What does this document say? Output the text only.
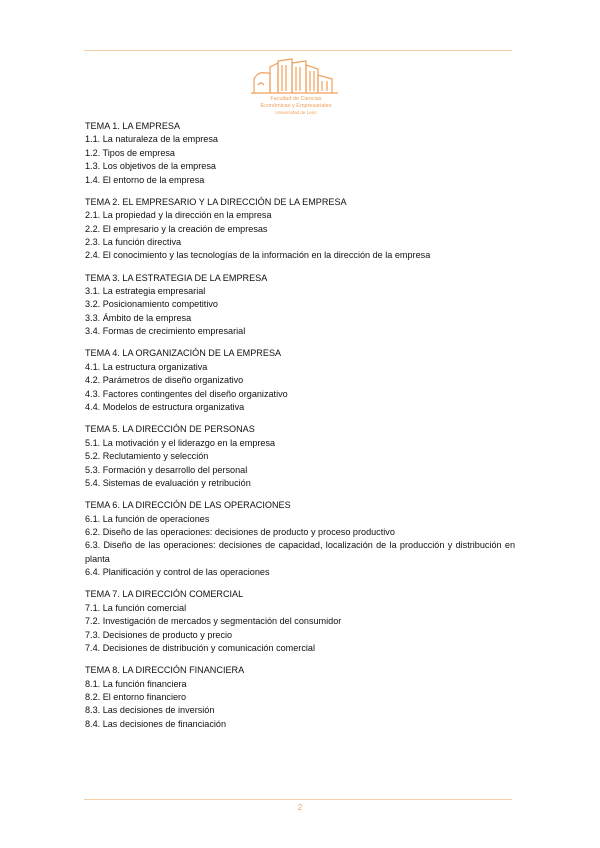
Facultad de Ciencias
Económicas y Empresariales
Universidad de León
TEMA 1. LA EMPRESA
1.1. La naturaleza de la empresa
1.2. Tipos de empresa
1.3. Los objetivos de la empresa
1.4. El entorno de la empresa
TEMA 2. EL EMPRESARIO Y LA DIRECCIÓN DE LA EMPRESA
2.1. La propiedad y la dirección en la empresa
2.2. El empresario y la creación de empresas
2.3. La función directiva
2.4. El conocimiento y las tecnologías de la información en la dirección de la empresa
TEMA 3. LA ESTRATEGIA DE LA EMPRESA
3.1. La estrategia empresarial
3.2. Posicionamiento competitivo
3.3. Ámbito de la empresa
3.4. Formas de crecimiento empresarial
TEMA 4. LA ORGANIZACIÓN DE LA EMPRESA
4.1. La estructura organizativa
4.2. Parámetros de diseño organizativo
4.3. Factores contingentes del diseño organizativo
4.4. Modelos de estructura organizativa
TEMA 5. LA DIRECCIÓN DE PERSONAS
5.1. La motivación y el liderazgo en la empresa
5.2. Reclutamiento y selección
5.3. Formación y desarrollo del personal
5.4. Sistemas de evaluación y retribución
TEMA 6. LA DIRECCIÓN DE LAS OPERACIONES
6.1. La función de operaciones
6.2. Diseño de las operaciones: decisiones de producto y proceso productivo
6.3. Diseño de las operaciones: decisiones de capacidad, localización de la producción y distribución en planta
6.4. Planificación y control de las operaciones
TEMA 7. LA DIRECCIÓN COMERCIAL
7.1. La función comercial
7.2. Investigación de mercados y segmentación del consumidor
7.3. Decisiones de producto y precio
7.4. Decisiones de distribución y comunicación comercial
TEMA 8. LA DIRECCIÓN FINANCIERA
8.1. La función financiera
8.2. El entorno financiero
8.3. Las decisiones de inversión
8.4. Las decisiones de financiación
2
